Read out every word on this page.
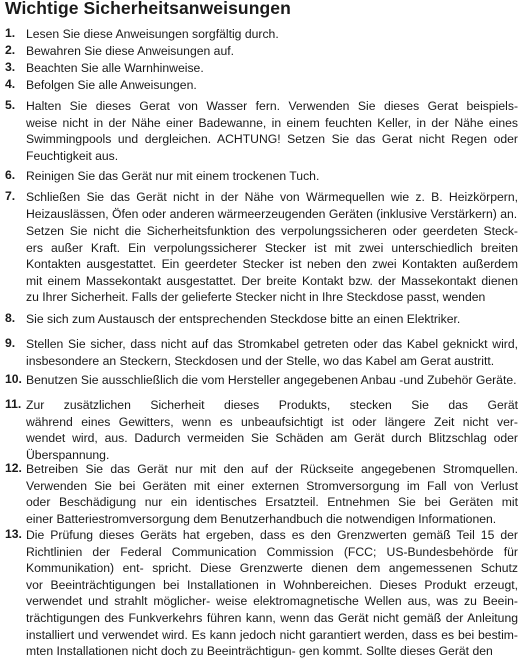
Wichtige Sicherheitsanweisungen
1. Lesen Sie diese Anweisungen sorgfältig durch.
2. Bewahren Sie diese Anweisungen auf.
3. Beachten Sie alle Warnhinweise.
4. Befolgen Sie alle Anweisungen.
5. Halten Sie dieses Gerat von Wasser fern. Verwenden Sie dieses Gerat beispiels-
weise nicht in der Nähe einer Badewanne, in einem feuchten Keller, in der Nähe eines
Swimmingpools und dergleichen. ACHTUNG! Setzen Sie das Gerat nicht Regen oder
Feuchtigkeit aus.
6. Reinigen Sie das Gerät nur mit einem trockenen Tuch.
7. Schließen Sie das Gerät nicht in der Nähe von Wärmequellen wie z. B. Heizkörpern,
Heizauslässen, Öfen oder anderen wärmeerzeugenden Geräten (inklusive Verstärkern) an.
Setzen Sie nicht die Sicherheitsfunktion des verpolungssicheren oder geerdeten Steck-
ers außer Kraft. Ein verpolungssicherer Stecker ist mit zwei unterschiedlich breiten
Kontakten ausgestattet. Ein geerdeter Stecker ist neben den zwei Kontakten außerdem
mit einem Massekontakt ausgestattet. Der breite Kontakt bzw. der Massekontakt dienen
zu Ihrer Sicherheit. Falls der gelieferte Stecker nicht in Ihre Steckdose passt, wenden
8. Sie sich zum Austausch der entsprechenden Steckdose bitte an einen Elektriker.
9. Stellen Sie sicher, dass nicht auf das Stromkabel getreten oder das Kabel geknickt wird,
insbesondere an Steckern, Steckdosen und der Stelle, wo das Kabel am Gerat austritt.
10. Benutzen Sie ausschließlich die vom Hersteller angegebenen Anbau -und Zubehör Geräte.
11. Zur zusätzlichen Sicherheit dieses Produkts, stecken Sie das Gerät
während eines Gewitters, wenn es unbeaufsichtigt ist oder längere Zeit nicht ver-
wendet wird, aus. Dadurch vermeiden Sie Schäden am Gerät durch Blitzschlag oder
Überspannung.
12. Betreiben Sie das Gerät nur mit den auf der Rückseite angegebenen Stromquellen.
Verwenden Sie bei Geräten mit einer externen Stromversorgung im Fall von Verlust
oder Beschädigung nur ein identisches Ersatzteil. Entnehmen Sie bei Geräten mit
einer Batteriestromversorgung dem Benutzerhandbuch die notwendigen Informationen.
13. Die Prüfung dieses Geräts hat ergeben, dass es den Grenzwerten gemäß Teil 15 der
Richtlinien der Federal Communication Commission (FCC; US-Bundesbehörde für
Kommunikation) ent- spricht. Diese Grenzwerte dienen dem angemessenen Schutz
vor Beeinträchtigungen bei Installationen in Wohnbereichen. Dieses Produkt erzeugt,
verwendet und strahlt möglicher- weise elektromagnetische Wellen aus, was zu Beein-
trächtigungen des Funkverkehrs führen kann, wenn das Gerät nicht gemäß der Anleitung
installiert und verwendet wird. Es kann jedoch nicht garantiert werden, dass es bei bestim-
mten Installationen nicht doch zu Beeinträchtigun- gen kommt. Sollte dieses Gerät den
